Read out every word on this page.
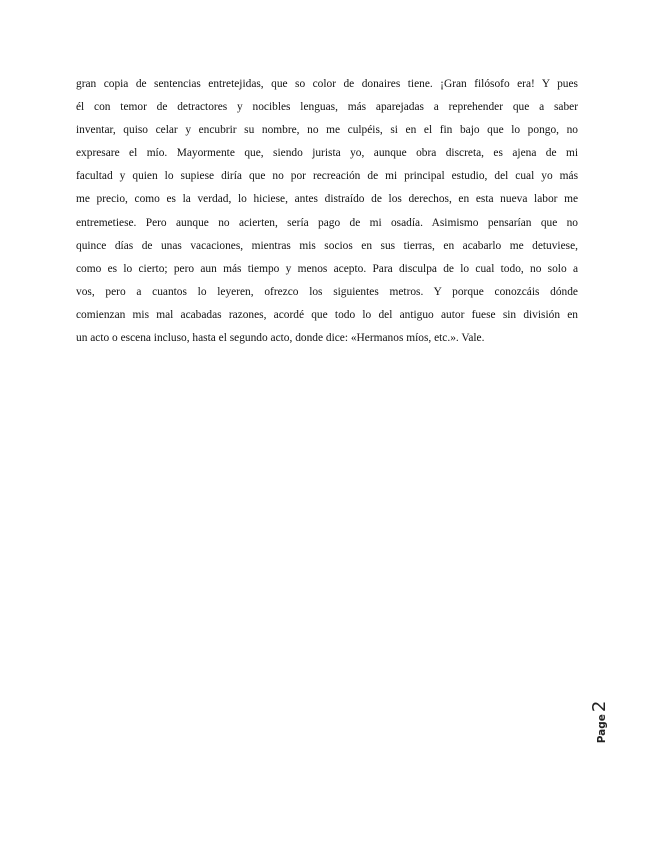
gran copia de sentencias entretejidas, que so color de donaires tiene. ¡Gran filósofo era! Y pues
él con temor de detractores y nocibles lenguas, más aparejadas a reprehender que a saber
inventar, quiso celar y encubrir su nombre, no me culpéis, si en el fin bajo que lo pongo, no
expresare el mío. Mayormente que, siendo jurista yo, aunque obra discreta, es ajena de mi
facultad y quien lo supiese diría que no por recreación de mi principal estudio, del cual yo más
me precio, como es la verdad, lo hiciese, antes distraído de los derechos, en esta nueva labor me
entremetiese. Pero aunque no acierten, sería pago de mi osadía. Asimismo pensarían que no
quince días de unas vacaciones, mientras mis socios en sus tierras, en acabarlo me detuviese,
como es lo cierto; pero aun más tiempo y menos acepto. Para disculpa de lo cual todo, no solo a
vos, pero a cuantos lo leyeren, ofrezco los siguientes metros. Y porque conozcáis dónde
comienzan mis mal acabadas razones, acordé que todo lo del antiguo autor fuese sin división en
un acto o escena incluso, hasta el segundo acto, donde dice: «Hermanos míos, etc.». Vale.
Page
2
